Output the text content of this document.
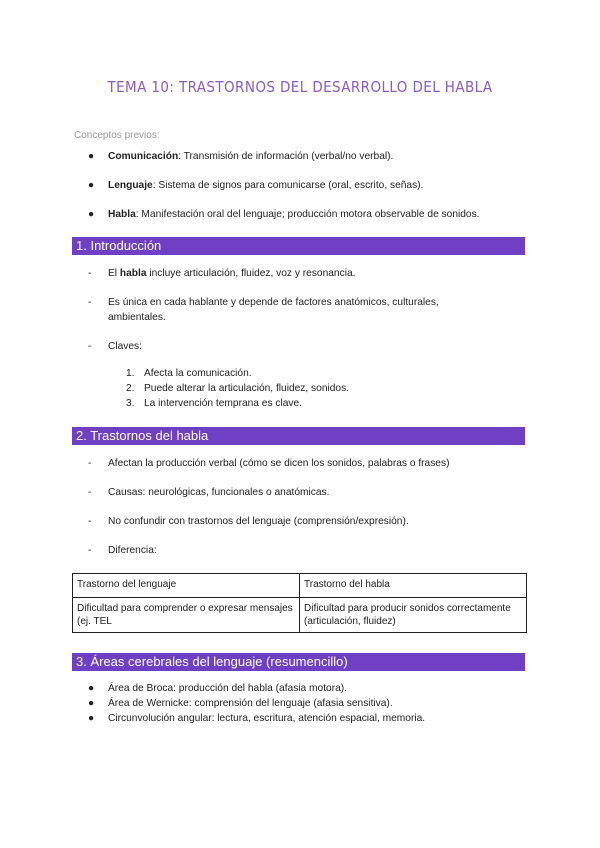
TEMA 10: TRASTORNOS DEL DESARROLLO DEL HABLA
Conceptos previos:
● Comunicación: Transmisión de información (verbal/no verbal).
● Lenguaje: Sistema de signos para comunicarse (oral, escrito, señas).
● Habla: Manifestación oral del lenguaje; producción motora observable de sonidos.
1. Introducción
- El habla incluye articulación, fluidez, voz y resonancia.
- Es única en cada hablante y depende de factores anatómicos, culturales, ambientales.
- Claves:
1. Afecta la comunicación.
2. Puede alterar la articulación, fluidez, sonidos.
3. La intervención temprana es clave.
2. Trastornos del habla
- Afectan la producción verbal (cómo se dicen los sonidos, palabras o frases)
- Causas: neurológicas, funcionales o anatómicas.
- No confundir con trastornos del lenguaje (comprensión/expresión).
- Diferencia:
Trastorno del lenguaje	Trastorno del habla
Dificultad para comprender o expresar mensajes (ej. TEL	Dificultad para producir sonidos correctamente (articulación, fluidez)
3. Áreas cerebrales del lenguaje (resumencillo)
● Área de Broca: producción del habla (afasia motora).
● Área de Wernicke: comprensión del lenguaje (afasia sensitiva).
● Circunvolución angular: lectura, escritura, atención espacial, memoria.
